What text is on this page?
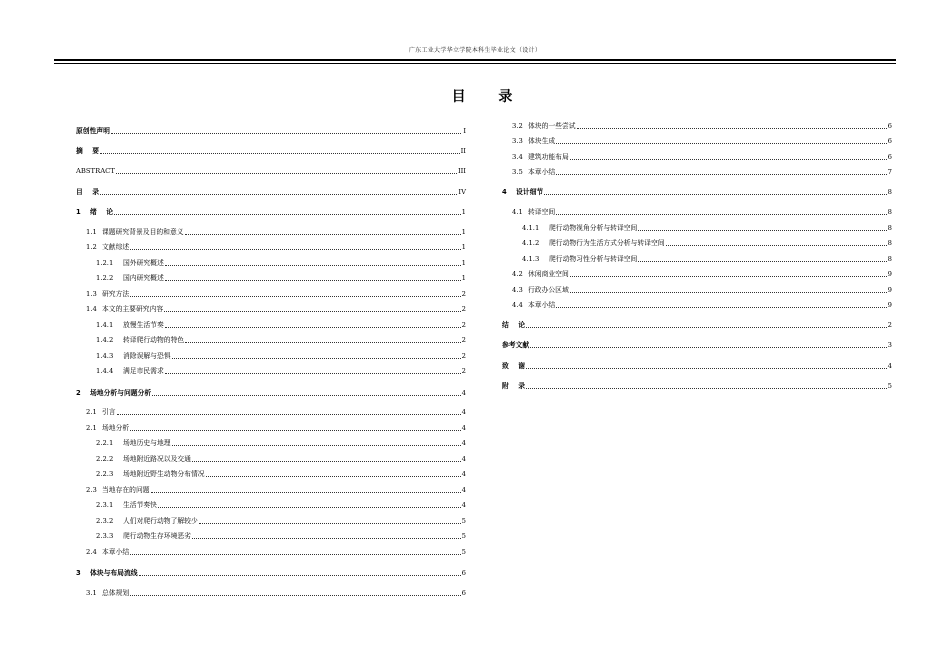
广东工业大学华立学院本科生毕业论文（设计）
目 录
原创性声明	I
摘    要	II
ABSTRACT	III
目    录	IV
1	绪    论	1
1.1 课题研究背景及目的和意义	1
1.2 文献综述	1
1.2.1	国外研究概述	1
1.2.2	国内研究概述	1
1.3 研究方法	2
1.4 本文的主要研究内容	2
1.4.1	放慢生活节奏	2
1.4.2	转译爬行动物的特色	2
1.4.3	消除误解与恐惧	2
1.4.4	满足市民需求	2
2	场地分析与问题分析	4
2.1 引言	4
2.1 场地分析	4
2.2.1	场地历史与地理	4
2.2.2	场地附近路况以及交通	4
2.2.3	场地附近野生动物分布情况	4
2.3 当地存在的问题	4
2.3.1	生活节奏快	4
2.3.2	人们对爬行动物了解较少	5
2.3.3	爬行动物生存环境恶劣	5
2.4 本章小结	5
3	体块与布局流线	6
3.1 总体规划	6
3.2 体块的一些尝试	6
3.3 体块生成	6
3.4 建筑功能布局	6
3.5 本章小结	7
4	设计细节	8
4.1 转译空间	8
4.1.1	爬行动物视角分析与转译空间	8
4.1.2	爬行动物行为生活方式分析与转译空间	8
4.1.3	爬行动物习性分析与转译空间	8
4.2 休闲商业空间	9
4.3 行政办公区域	9
4.4 本章小结	9
结    论	2
参考文献	3
致    谢	4
附    录	5
